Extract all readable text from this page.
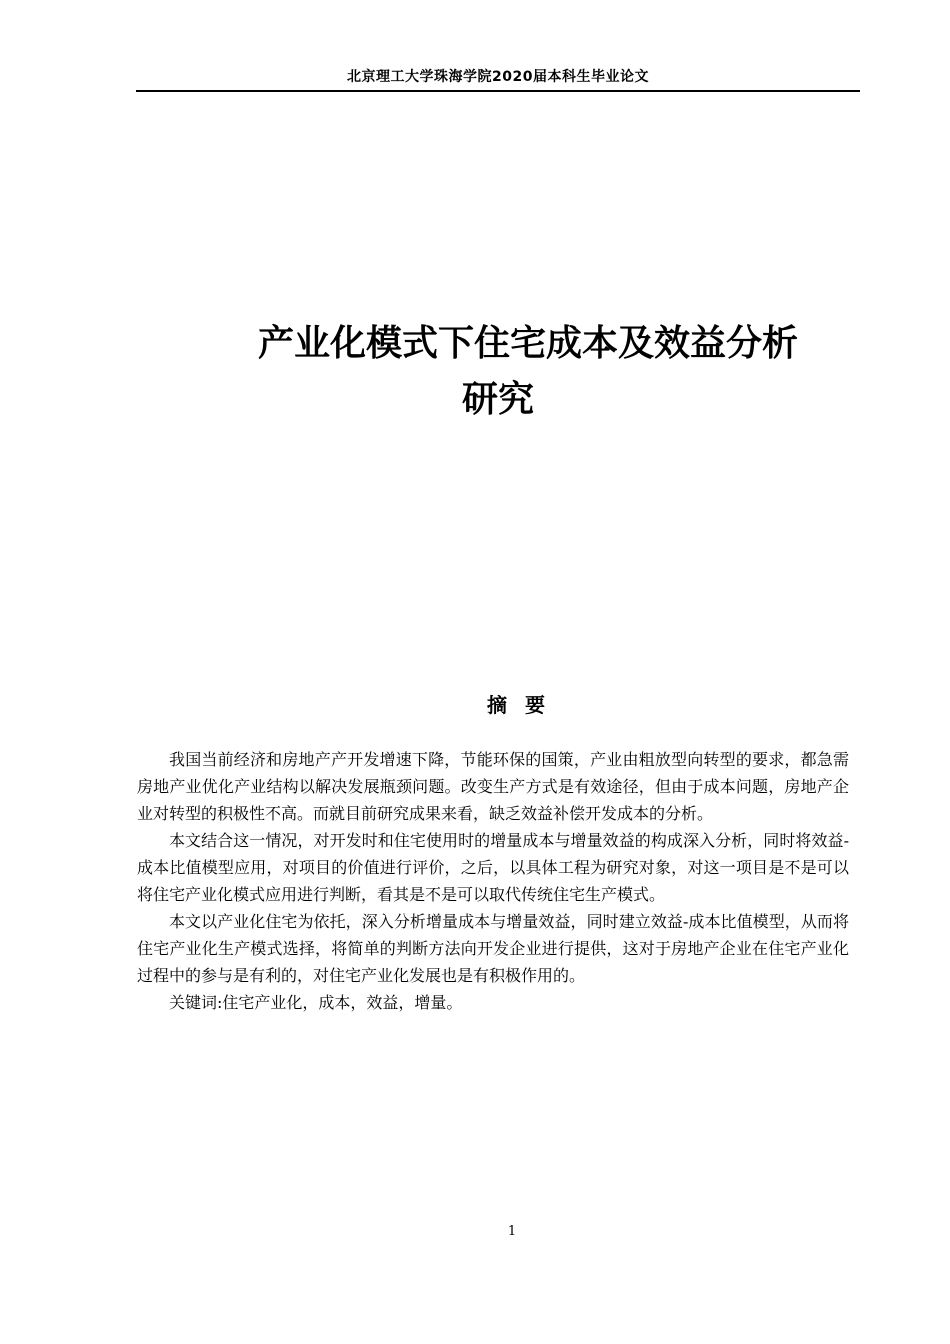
北京理工大学珠海学院2020届本科生毕业论文
产业化模式下住宅成本及效益分析
研究
摘要

我国当前经济和房地产产开发增速下降，节能环保的国策，产业由粗放型向转型的要求，都急需房地产业优化产业结构以解决发展瓶颈问题。改变生产方式是有效途径，但由于成本问题，房地产企业对转型的积极性不高。而就目前研究成果来看，缺乏效益补偿开发成本的分析。

本文结合这一情况，对开发时和住宅使用时的增量成本与增量效益的构成深入分析，同时将效益-成本比值模型应用，对项目的价值进行评价，之后，以具体工程为研究对象，对这一项目是不是可以将住宅产业化模式应用进行判断，看其是不是可以取代传统住宅生产模式。

本文以产业化住宅为依托，深入分析增量成本与增量效益，同时建立效益-成本比值模型，从而将住宅产业化生产模式选择，将简单的判断方法向开发企业进行提供，这对于房地产企业在住宅产业化过程中的参与是有利的，对住宅产业化发展也是有积极作用的。

关键词:住宅产业化，成本，效益，增量。

1
